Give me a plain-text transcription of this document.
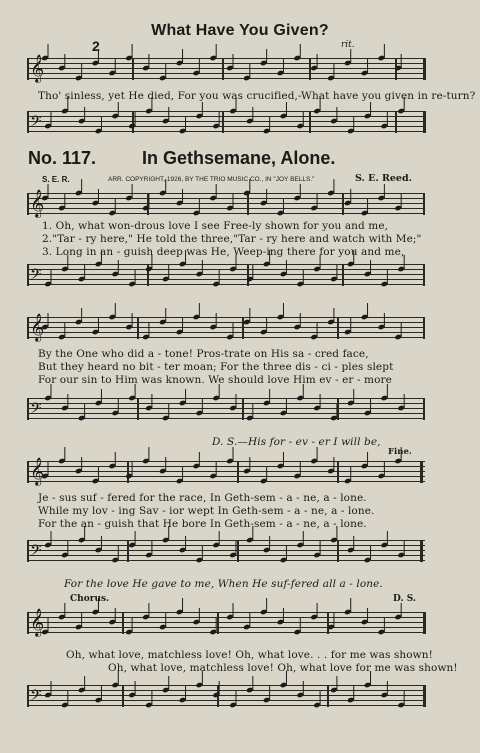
What Have You Given?
2	rit.
Tho' sinless, yet He died, For you was crucified,-What have you given in re-turn?
No. 117.	In Gethsemane, Alone.
S. E. R.	ARR. COPYRIGHT, 1926, BY THE TRIO MUSIC CO., IN "JOY BELLS."	S. E. Reed.
1. Oh, what won-drous love I see Free-ly shown for you and me,
2."Tar - ry here," He told the three,"Tar - ry here and watch with Me;"
3. Long in an - guish deep was He, Weep-ing there for you and me,
By the One who did a - tone! Pros-trate on His sa - cred face,
But they heard no bit - ter moan; For the three dis - ci - ples slept
For our sin to Him was known. We should love Him ev - er - more
D. S.—His for - ev - er I will be,
Fine.
Je - sus suf - fered for the race, In Geth-sem - a - ne, a - lone.
While my lov - ing Sav - ior wept In Geth-sem - a - ne, a - lone.
For the an - guish that He bore In Geth-sem - a - ne, a - lone.
For the love He gave to me, When He suf-fered all a - lone.
Chorus.	D. S.
Oh, what love, matchless love! Oh, what love. . . for me was shown!
Oh, what love, matchless love! Oh, what love for me was shown!
𝄞
𝄢
𝄞
𝄢
𝄞
𝄢
𝄞
𝄢
𝄞
𝄢
